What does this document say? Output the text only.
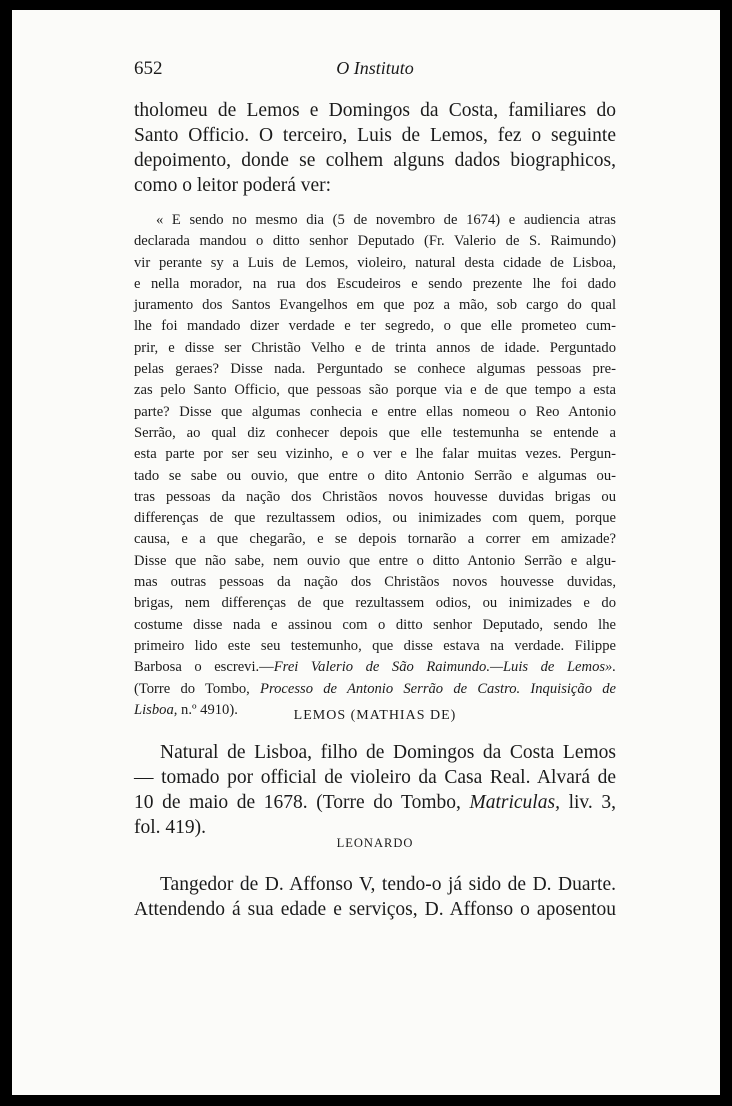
652	O Instituto
tholomeu de Lemos e Domingos da Costa, familiares do
Santo Officio. O terceiro, Luis de Lemos, fez o seguinte
depoimento, donde se colhem alguns dados biographicos,
como o leitor poderá ver:
« E sendo no mesmo dia (5 de novembro de 1674) e audiencia atras
declarada mandou o ditto senhor Deputado (Fr. Valerio de S. Raimundo)
vir perante sy a Luis de Lemos, violeiro, natural desta cidade de Lisboa,
e nella morador, na rua dos Escudeiros e sendo prezente lhe foi dado
juramento dos Santos Evangelhos em que poz a mão, sob cargo do qual
lhe foi mandado dizer verdade e ter segredo, o que elle prometeo cum-
prir, e disse ser Christão Velho e de trinta annos de idade. Perguntado
pelas geraes? Disse nada. Perguntado se conhece algumas pessoas pre-
zas pelo Santo Officio, que pessoas são porque via e de que tempo a esta
parte? Disse que algumas conhecia e entre ellas nomeou o Reo Antonio
Serrão, ao qual diz conhecer depois que elle testemunha se entende a
esta parte por ser seu vizinho, e o ver e lhe falar muitas vezes. Pergun-
tado se sabe ou ouvio, que entre o dito Antonio Serrão e algumas ou-
tras pessoas da nação dos Christãos novos houvesse duvidas brigas ou
differenças de que rezultassem odios, ou inimizades com quem, porque
causa, e a que chegarão, e se depois tornarão a correr em amizade?
Disse que não sabe, nem ouvio que entre o ditto Antonio Serrão e algu-
mas outras pessoas da nação dos Christãos novos houvesse duvidas,
brigas, nem differenças de que rezultassem odios, ou inimizades e do
costume disse nada e assinou com o ditto senhor Deputado, sendo lhe
primeiro lido este seu testemunho, que disse estava na verdade. Filippe
Barbosa o escrevi.—Frei Valerio de São Raimundo.—Luis de Lemos».
(Torre do Tombo, Processo de Antonio Serrão de Castro. Inquisição de
Lisboa, n.º 4910).	LEMOS (MATHIAS DE)
Natural de Lisboa, filho de Domingos da Costa Lemos
— tomado por official de violeiro da Casa Real. Alvará de
10 de maio de 1678. (Torre do Tombo, Matriculas, liv. 3,
fol. 419).
LEONARDO
Tangedor de D. Affonso V, tendo-o já sido de D. Duarte.
Attendendo á sua edade e serviços, D. Affonso o aposentou
